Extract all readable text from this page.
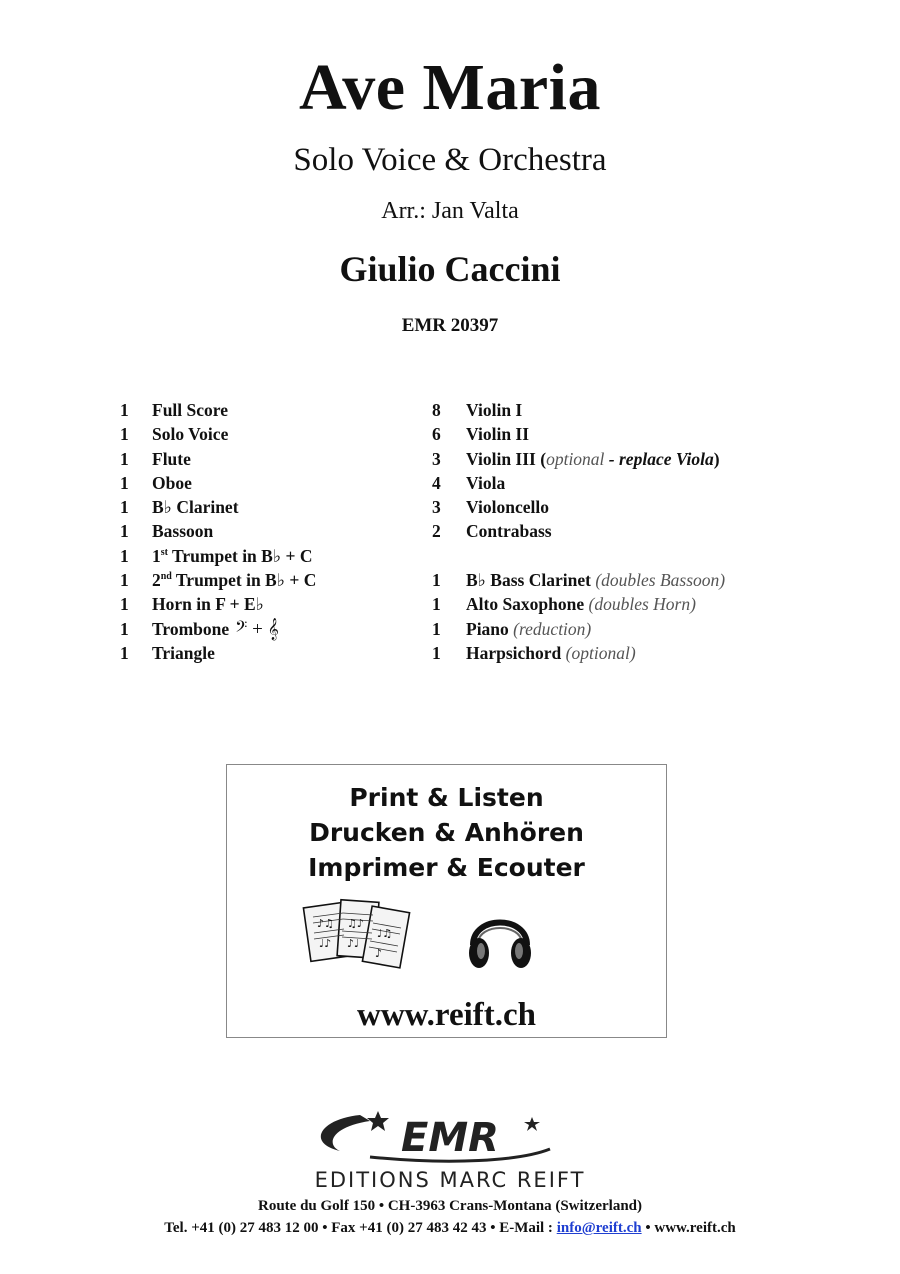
Ave Maria
Solo Voice & Orchestra
Arr.: Jan Valta
Giulio Caccini
EMR 20397
1 Full Score
1 Solo Voice
1 Flute
1 Oboe
1 B♭ Clarinet
1 Bassoon
1 1st Trumpet in B♭ + C
1 2nd Trumpet in B♭ + C
1 Horn in F + E♭
1 Trombone 𝄢 + 𝄞
1 Triangle
8 Violin I
6 Violin II
3 Violin III (optional - replace Viola)
4 Viola
3 Violoncello
2 Contrabass
1 B♭ Bass Clarinet (doubles Bassoon)
1 Alto Saxophone (doubles Horn)
1 Piano (reduction)
1 Harpsichord (optional)
Print & Listen
Drucken & Anhören
Imprimer & Ecouter
♪♫
♩♪
♫♪
♪♩
♩♫
♪
www.reift.ch
EMR
EDITIONS MARC REIFT
Route du Golf 150 • CH-3963 Crans-Montana (Switzerland)
Tel. +41 (0) 27 483 12 00 • Fax +41 (0) 27 483 42 43 • E-Mail : info@reift.ch • www.reift.ch
